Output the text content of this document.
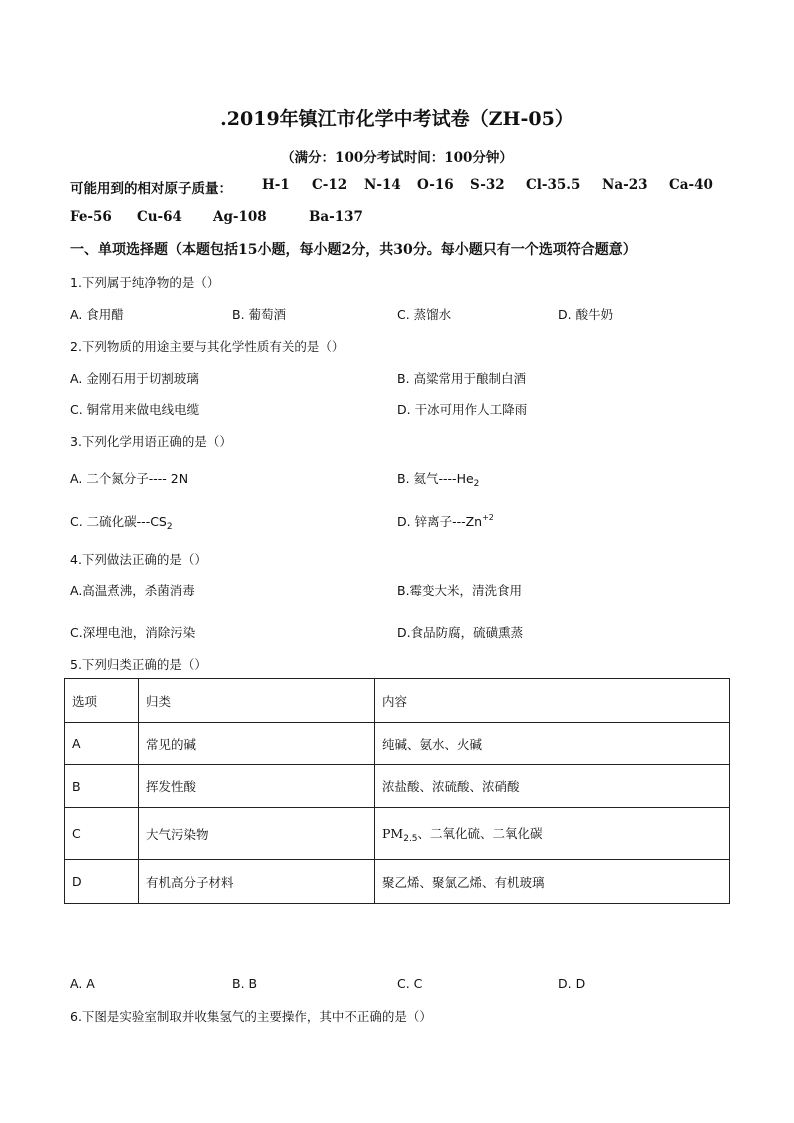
.2019年镇江市化学中考试卷（ZH-05）
（满分：100分考试时间：100分钟）
可能用到的相对原子质量： H-1 C-12 N-14 O-16 S-32 Cl-35.5 Na-23 Ca-40
Fe-56 Cu-64 Ag-108	Ba-137
一、单项选择题（本题包括15小题，每小题2分，共30分。每小题只有一个选项符合题意）
1.下列属于纯净物的是（）
A. 食用醋	B. 葡萄酒	C. 蒸馏水	D. 酸牛奶
2.下列物质的用途主要与其化学性质有关的是（）
A. 金刚石用于切割玻璃	B. 高粱常用于酿制白酒
C. 铜常用来做电线电缆	D. 干冰可用作人工降雨
3.下列化学用语正确的是（）
A. 二个氮分子---- 2N	B. 氦气$----He_2$
C. 二硫化碳$---CS_2$	D. 锌离子$---Zn^{+2}$
4.下列做法正确的是（）
A.高温煮沸，杀菌消毒	B.霉变大米，清洗食用
C.深埋电池，消除污染	D.食品防腐，硫磺熏蒸
5.下列归类正确的是（）
选项	归类	内容
A	常见的碱	纯碱、氨水、火碱
B	挥发性酸	浓盐酸、浓硫酸、浓硝酸
C	大气污染物	$PM_{2.5}$、二氧化硫、二氧化碳
D	有机高分子材料	聚乙烯、聚氯乙烯、有机玻璃
A. A	B. B	C. C	D. D
6.下图是实验室制取并收集氢气的主要操作，其中不正确的是（）
